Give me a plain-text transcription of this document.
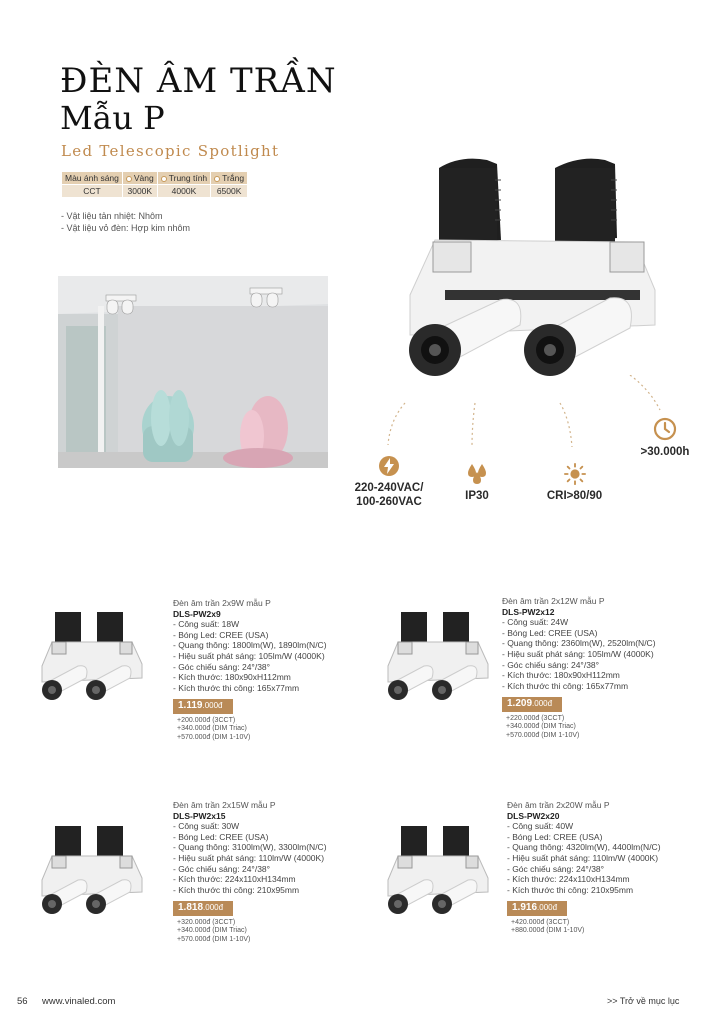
ĐÈN ÂM TRẦN
Mẫu P
Led Telescopic Spotlight
Màu ánh sáng	Vàng	Trung tính	Trắng
CCT	3000K	4000K	6500K
- Vật liệu tản nhiệt: Nhôm
- Vật liệu vỏ đèn: Hợp kim nhôm
220-240VAC/
100-260VAC	IP30	CRI>80/90
>30.000h
Đèn âm trần 2x9W mẫu P
DLS-PW2x9
- Công suất: 18W
- Bóng Led: CREE (USA)
- Quang thông: 1800lm(W), 1890lm(N/C)
- Hiệu suất phát sáng: 105lm/W (4000K)
- Góc chiếu sáng: 24°/38°
- Kích thước: 180x90xH112mm
- Kích thước thi công: 165x77mm
1.119.000đ
+200.000đ (3CCT)
+340.000đ (DIM Triac)
+570.000đ (DIM 1-10V)
Đèn âm trần 2x12W mẫu P
DLS-PW2x12
- Công suất: 24W
- Bóng Led: CREE (USA)
- Quang thông: 2360lm(W), 2520lm(N/C)
- Hiệu suất phát sáng: 105lm/W (4000K)
- Góc chiếu sáng: 24°/38°
- Kích thước: 180x90xH112mm
- Kích thước thi công: 165x77mm
1.209.000đ
+220.000đ (3CCT)
+340.000đ (DIM Triac)
+570.000đ (DIM 1-10V)
Đèn âm trần 2x15W mẫu P
DLS-PW2x15
- Công suất: 30W
- Bóng Led: CREE (USA)
- Quang thông: 3100lm(W), 3300lm(N/C)
- Hiệu suất phát sáng: 110lm/W (4000K)
- Góc chiếu sáng: 24°/38°
- Kích thước: 224x110xH134mm
- Kích thước thi công: 210x95mm
1.818.000đ
+320.000đ (3CCT)
+340.000đ (DIM Triac)
+570.000đ (DIM 1-10V)
Đèn âm trần 2x20W mẫu P
DLS-PW2x20
- Công suất: 40W
- Bóng Led: CREE (USA)
- Quang thông: 4320lm(W), 4400lm(N/C)
- Hiệu suất phát sáng: 110lm/W (4000K)
- Góc chiếu sáng: 24°/38°
- Kích thước: 224x110xH134mm
- Kích thước thi công: 210x95mm
1.916.000đ
+420.000đ (3CCT)
+880.000đ (DIM 1-10V)
56 www.vinaled.com	>> Trở về mục lục
